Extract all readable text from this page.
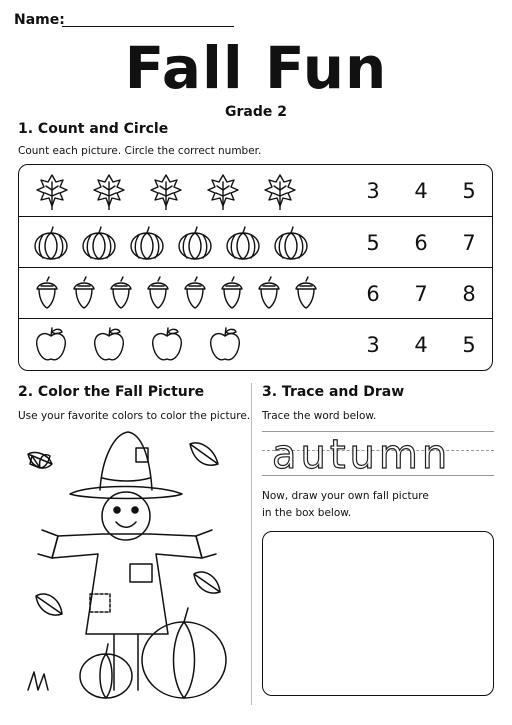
Name:
Fall Fun
Grade 2
1. Count and Circle
Count each picture. Circle the correct number.
3	4	5
5	6	7
6	7	8
3	4	5
2. Color the Fall Picture
Use your favorite colors to color the picture.
3. Trace and Draw
Trace the word below.
autumn
Now, draw your own fall picture
in the box below.
